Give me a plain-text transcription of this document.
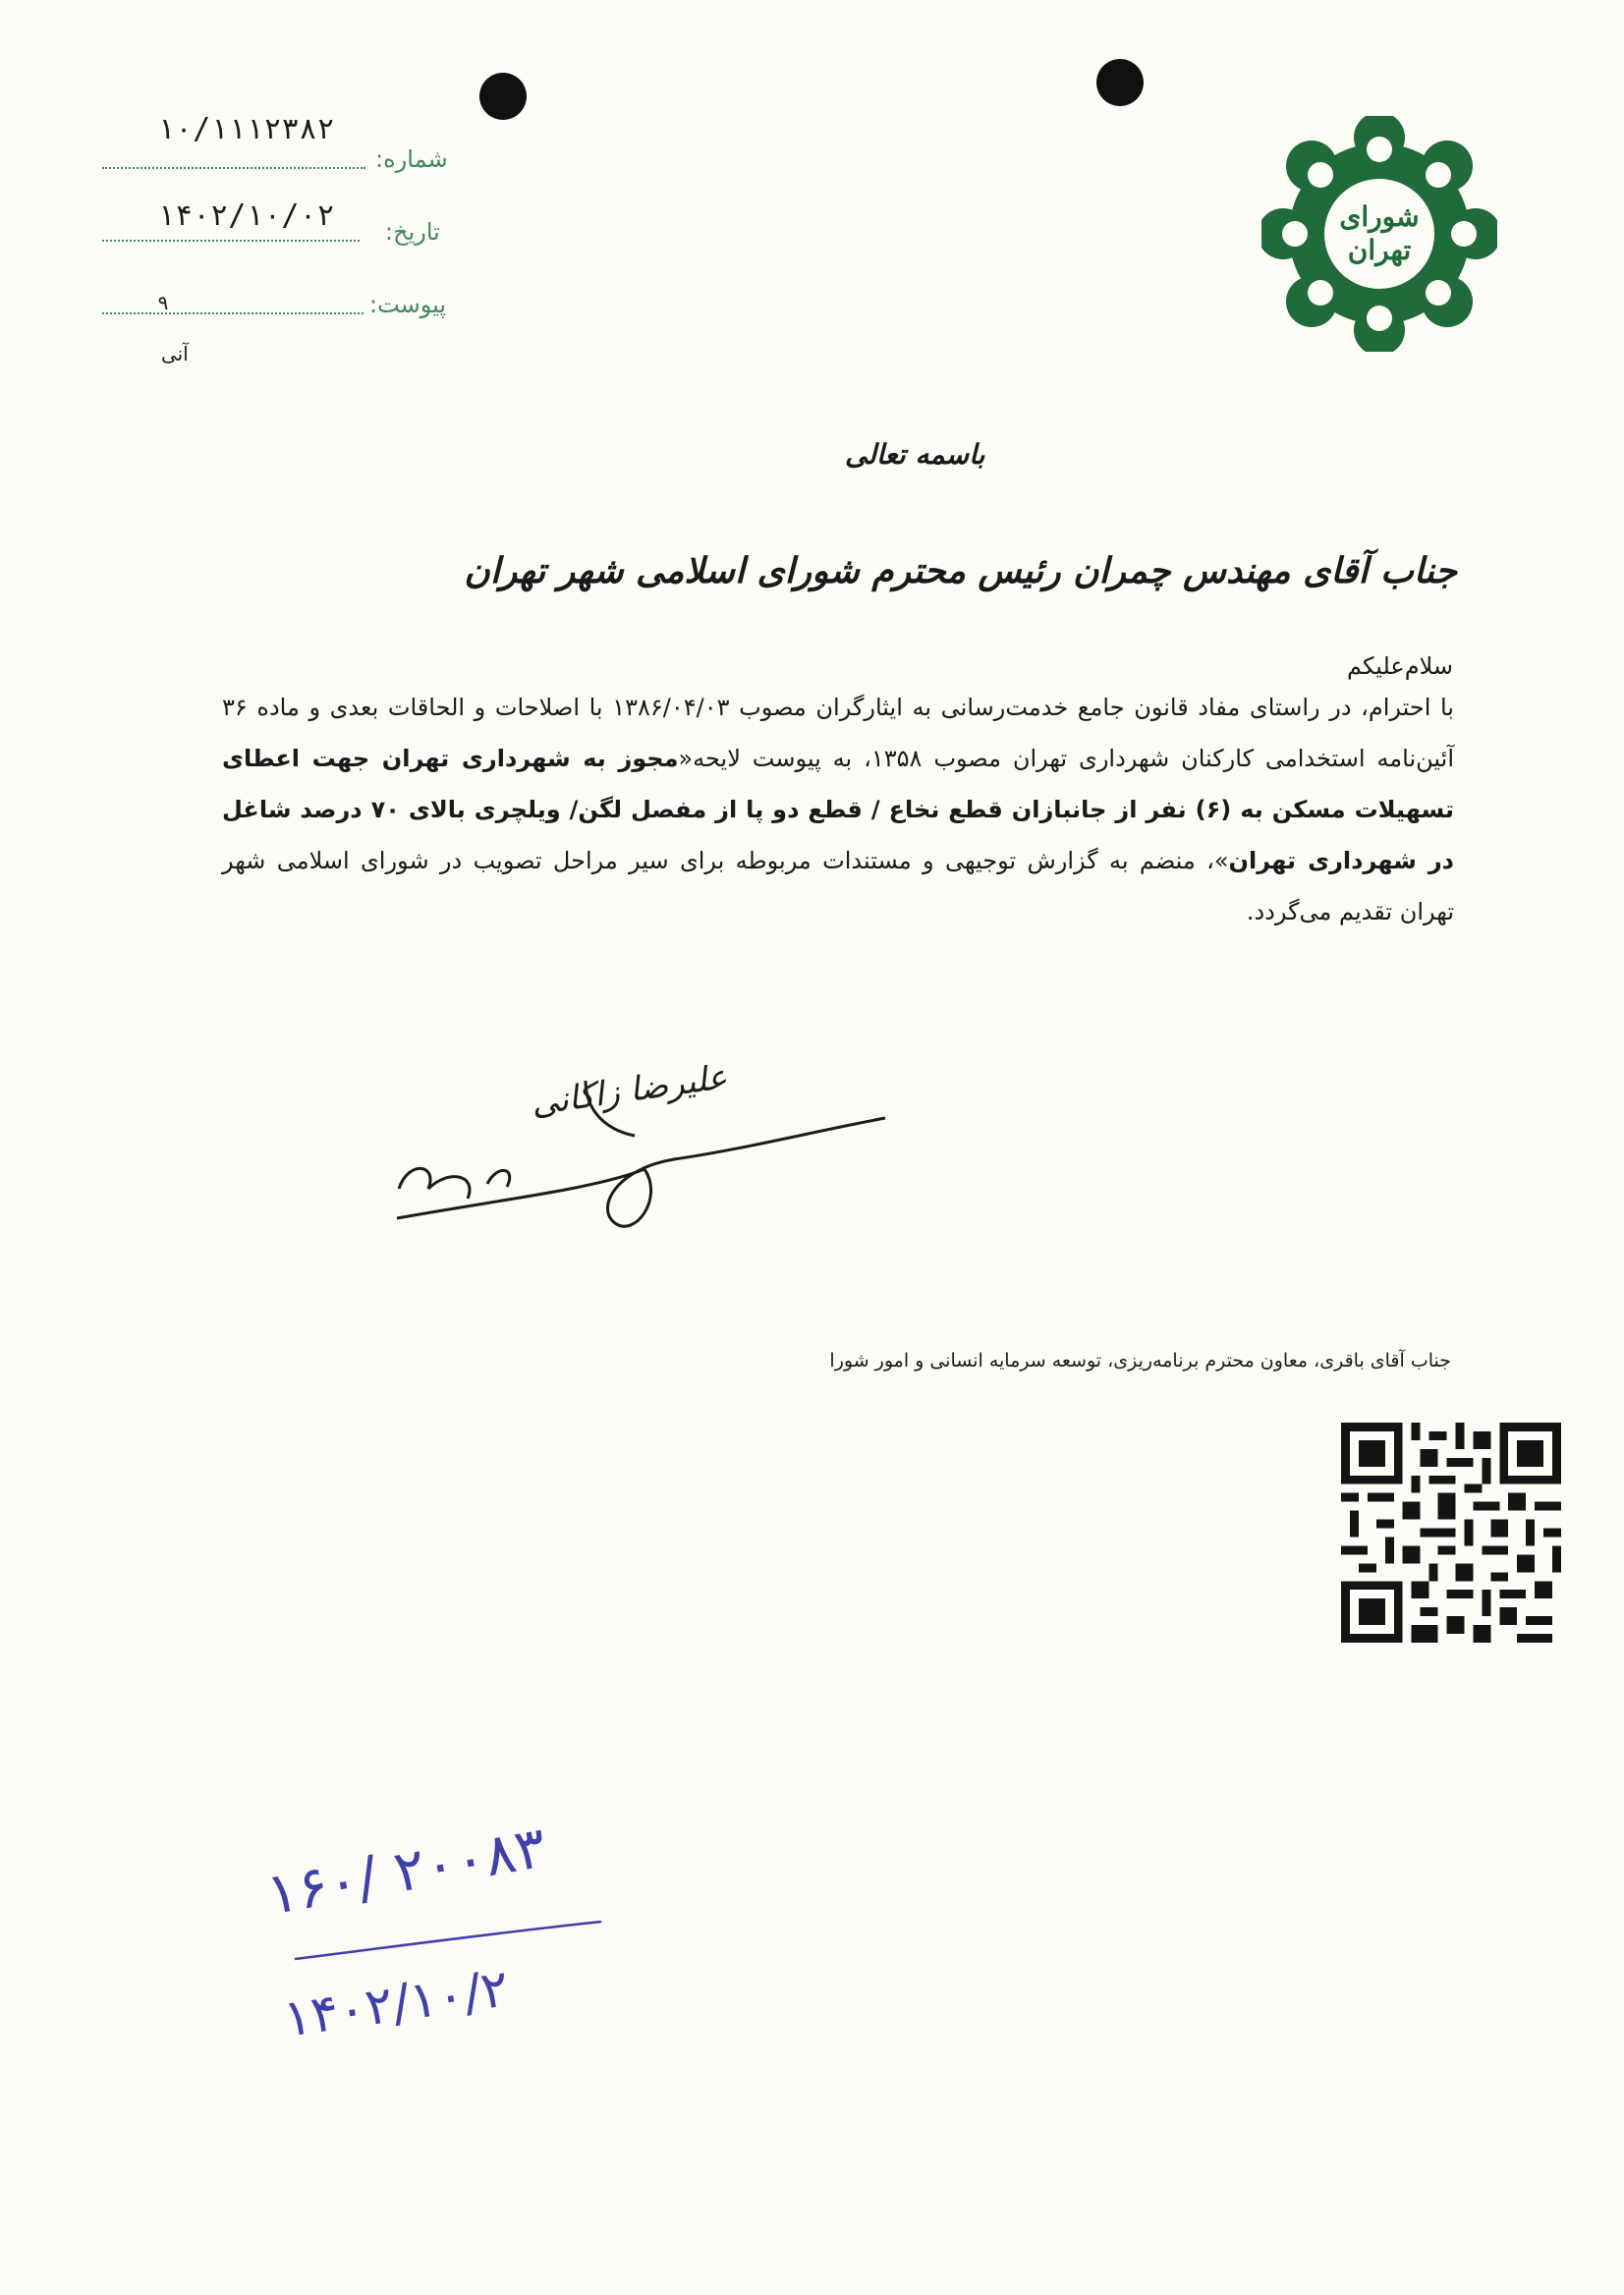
۱۰/۱۱۱۲۳۸۲
شماره:
۱۴۰۲/۱۰/۰۲ تاریخ:
۹	پیوست:
آنی
شورای
تهران
باسمه تعالی
جناب آقای مهندس چمران رئیس محترم شورای اسلامی شهر تهران
سلام‌علیکم
با احترام، در راستای مفاد قانون جامع خدمت‌رسانی به ایثارگران مصوب ۱۳۸۶/۰۴/۰۳ با اصلاحات و الحاقات بعدی و ماده ۳۶ آئین‌نامه استخدامی کارکنان شهرداری تهران مصوب ۱۳۵۸، به پیوست لایحه«مجوز به شهرداری تهران جهت اعطای تسهیلات مسکن به (۶) نفر از جانبازان قطع نخاع / قطع دو پا از مفصل لگن/ ویلچری بالای ۷۰ درصد شاغل در شهرداری تهران»، منضم به گزارش توجیهی و مستندات مربوطه برای سیر مراحل تصویب در شورای اسلامی شهر تهران تقدیم می‌گردد.
علیرضا زاکانی
جناب آقای باقری، معاون محترم برنامه‌ریزی، توسعه سرمایه انسانی و امور شورا
۱۶۰/ ۲۰۰۸۳
۱۴۰۲/۱۰/۲
